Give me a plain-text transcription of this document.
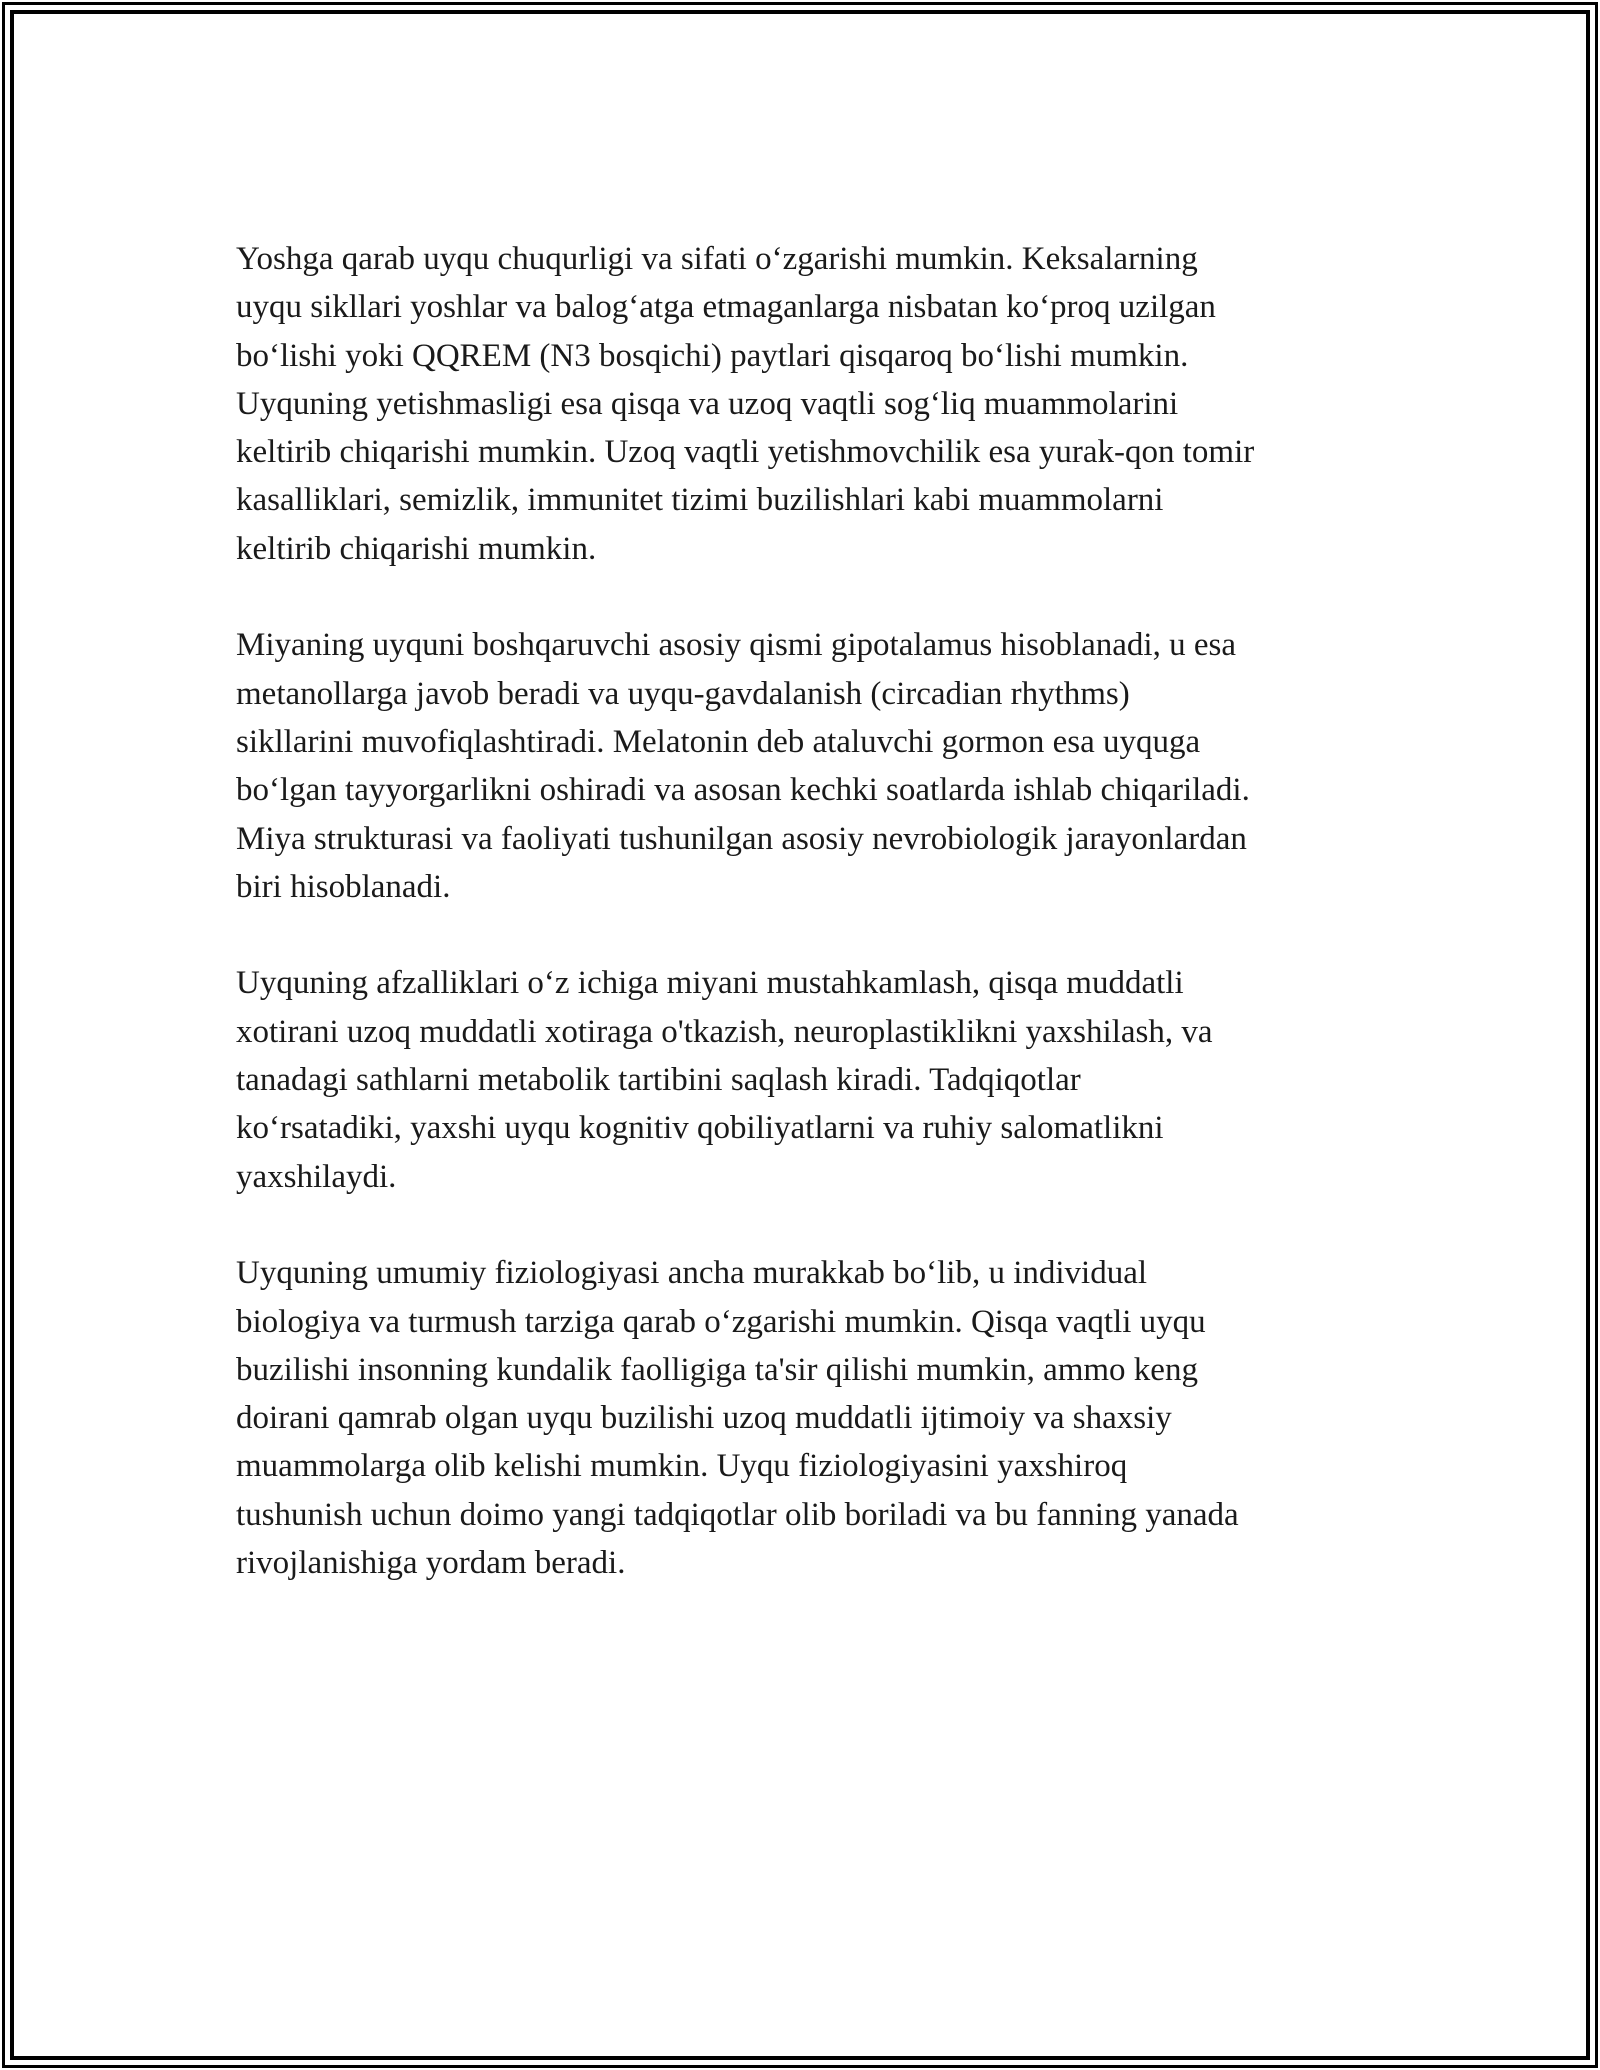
Yoshga qarab uyqu chuqurligi va sifati o‘zgarishi mumkin. Keksalarning
uyqu sikllari yoshlar va balog‘atga etmaganlarga nisbatan ko‘proq uzilgan
bo‘lishi yoki QQREM (N3 bosqichi) paytlari qisqaroq bo‘lishi mumkin.
Uyquning yetishmasligi esa qisqa va uzoq vaqtli sog‘liq muammolarini
keltirib chiqarishi mumkin. Uzoq vaqtli yetishmovchilik esa yurak-qon tomir
kasalliklari, semizlik, immunitet tizimi buzilishlari kabi muammolarni
keltirib chiqarishi mumkin.

Miyaning uyquni boshqaruvchi asosiy qismi gipotalamus hisoblanadi, u esa
metanollarga javob beradi va uyqu-gavdalanish (circadian rhythms)
sikllarini muvofiqlashtiradi. Melatonin deb ataluvchi gormon esa uyquga
bo‘lgan tayyorgarlikni oshiradi va asosan kechki soatlarda ishlab chiqariladi.
Miya strukturasi va faoliyati tushunilgan asosiy nevrobiologik jarayonlardan
biri hisoblanadi.

Uyquning afzalliklari o‘z ichiga miyani mustahkamlash, qisqa muddatli
xotirani uzoq muddatli xotiraga o'tkazish, neuroplastiklikni yaxshilash, va
tanadagi sathlarni metabolik tartibini saqlash kiradi. Tadqiqotlar
ko‘rsatadiki, yaxshi uyqu kognitiv qobiliyatlarni va ruhiy salomatlikni
yaxshilaydi.

Uyquning umumiy fiziologiyasi ancha murakkab bo‘lib, u individual
biologiya va turmush tarziga qarab o‘zgarishi mumkin. Qisqa vaqtli uyqu
buzilishi insonning kundalik faolligiga ta'sir qilishi mumkin, ammo keng
doirani qamrab olgan uyqu buzilishi uzoq muddatli ijtimoiy va shaxsiy
muammolarga olib kelishi mumkin. Uyqu fiziologiyasini yaxshiroq
tushunish uchun doimo yangi tadqiqotlar olib boriladi va bu fanning yanada
rivojlanishiga yordam beradi.
